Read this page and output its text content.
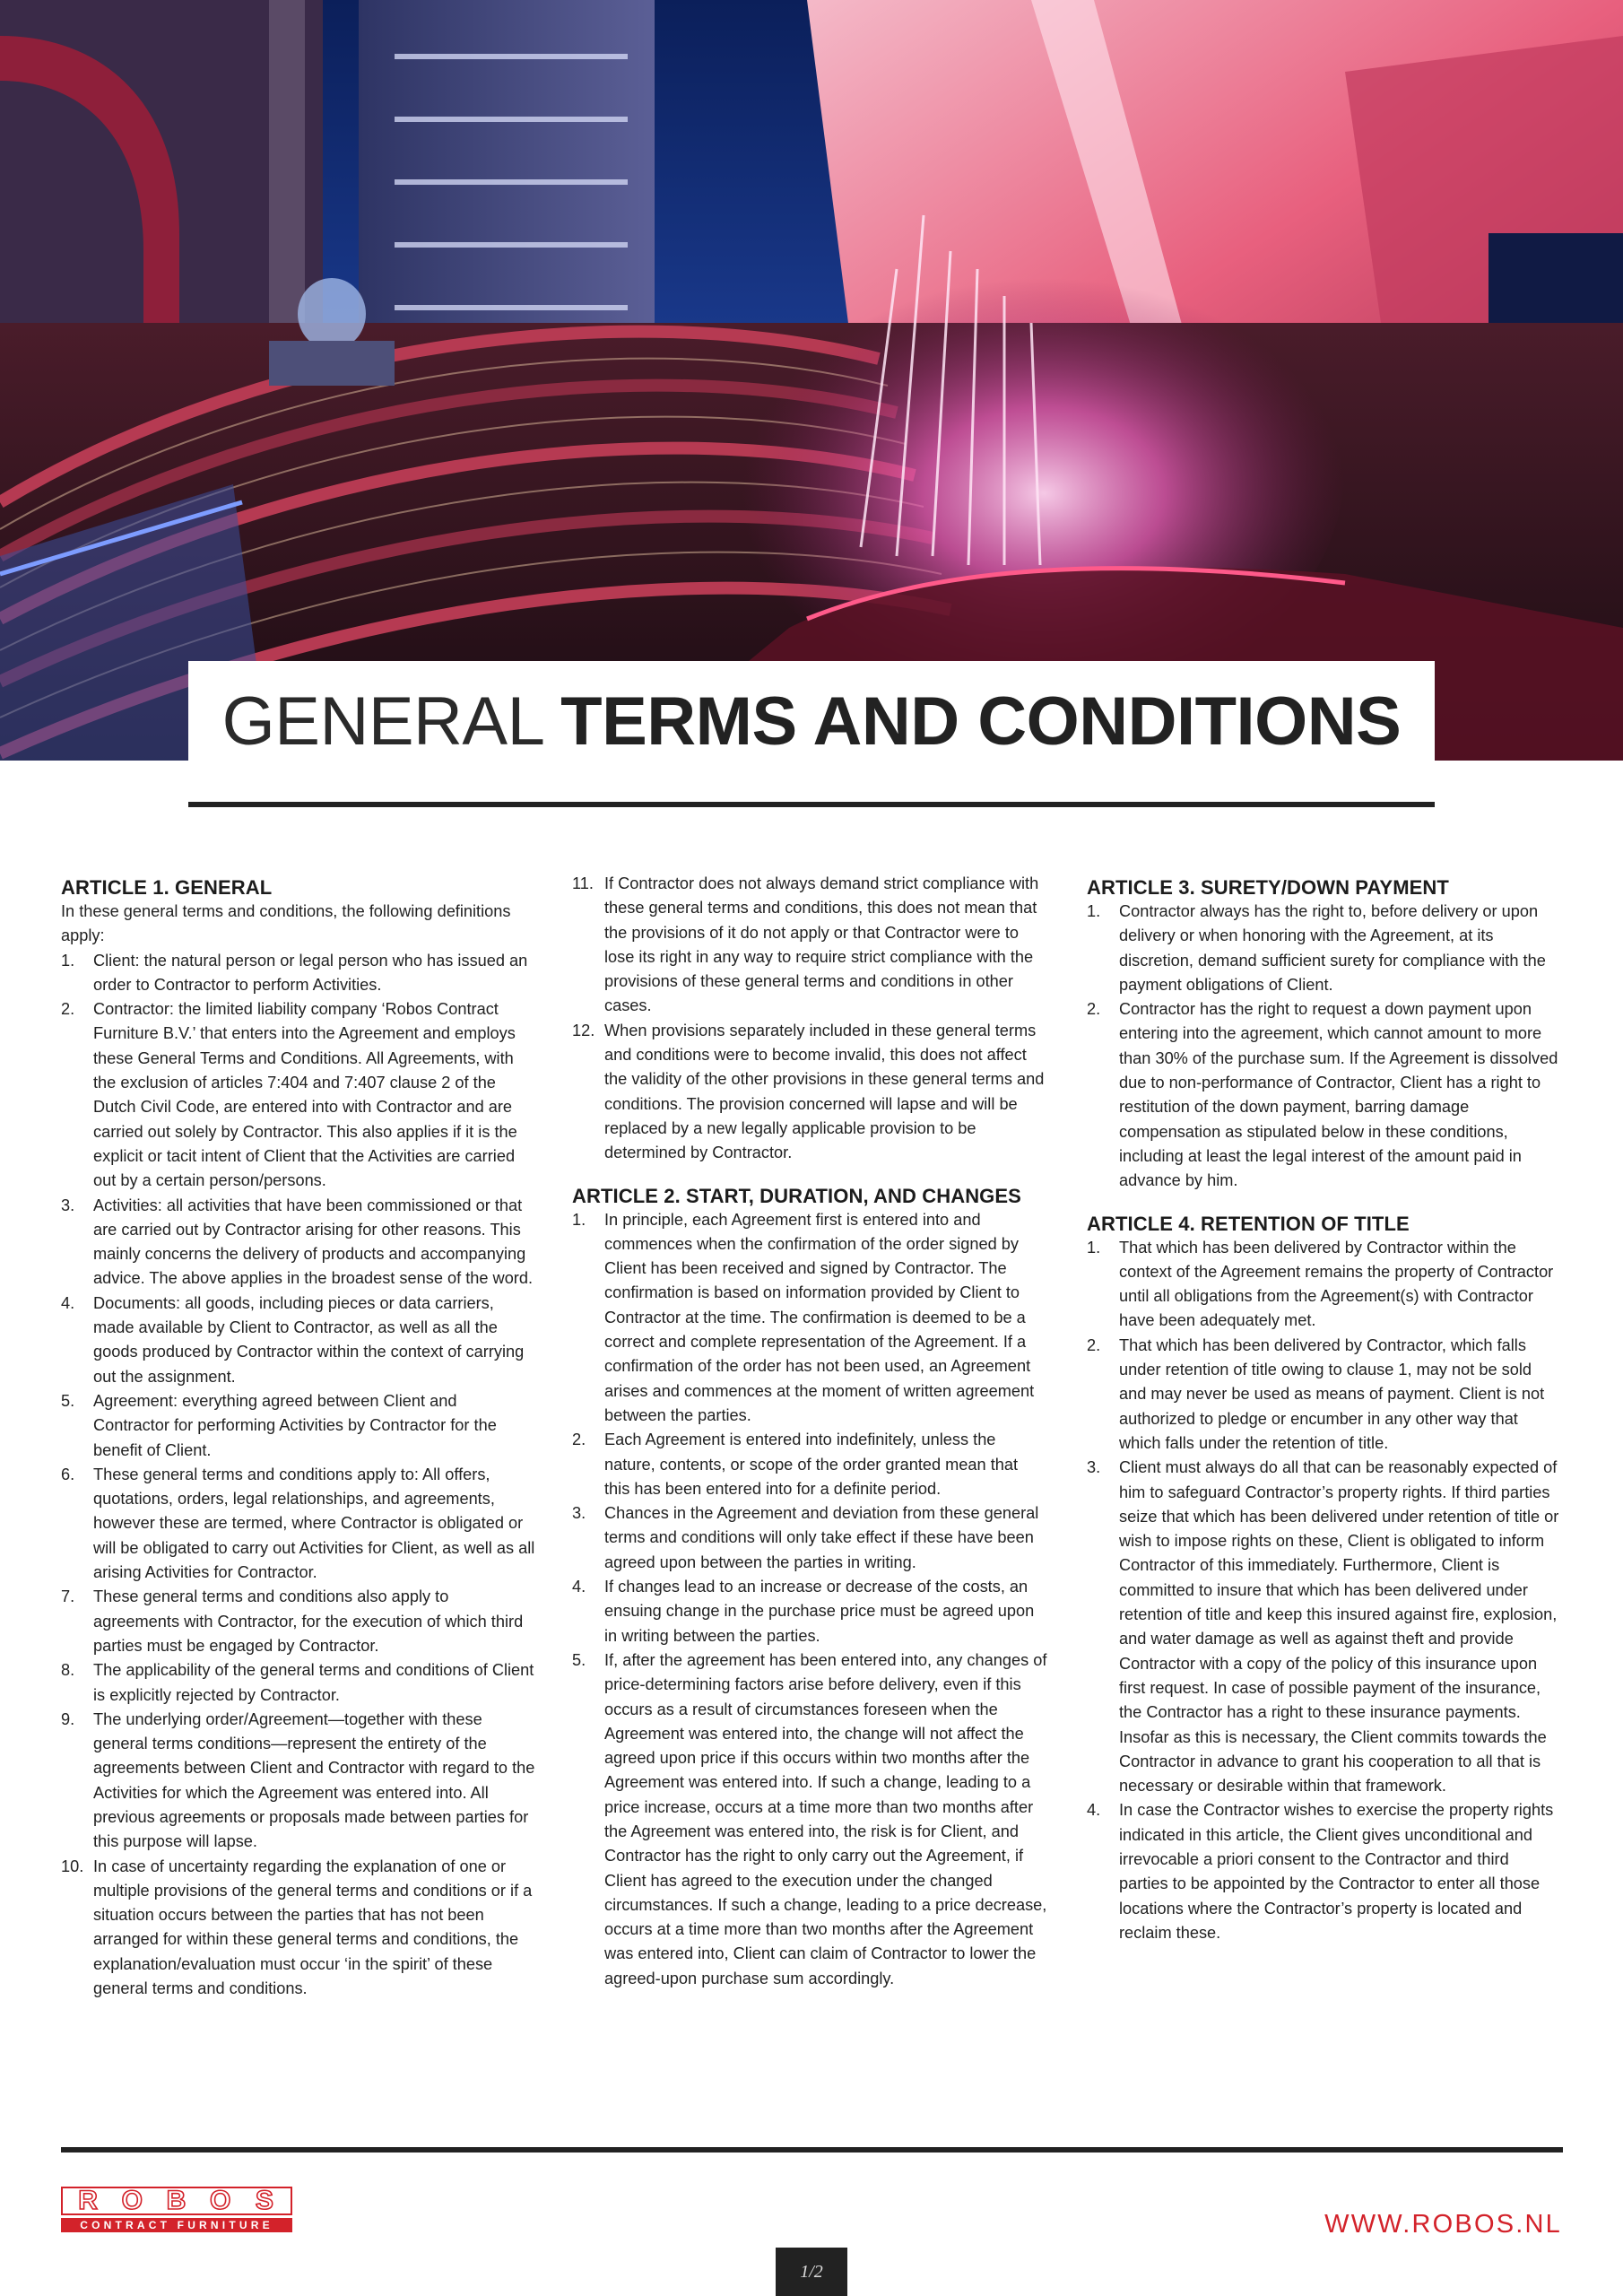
GENERAL TERMS AND CONDITIONS
ARTICLE 1. GENERAL
In these general terms and conditions, the following definitions apply:
1. Client: the natural person or legal person who has issued an order to Contractor to perform Activities.
2. Contractor: the limited liability company ‘Robos Contract Furniture B.V.’ that enters into the Agreement and employs these General Terms and Conditions. All Agreements, with the exclusion of articles 7:404 and 7:407 clause 2 of the Dutch Civil Code, are entered into with Contractor and are carried out solely by Contractor. This also applies if it is the explicit or tacit intent of Client that the Activities are carried out by a certain person/persons.
3. Activities: all activities that have been commissioned or that are carried out by Contractor arising for other reasons. This mainly concerns the delivery of products and accompanying advice. The above applies in the broadest sense of the word.
4. Documents: all goods, including pieces or data carriers, made available by Client to Contractor, as well as all the goods produced by Contractor within the context of carrying out the assignment.
5. Agreement: everything agreed between Client and Contractor for performing Activities by Contractor for the benefit of Client.
6. These general terms and conditions apply to: All offers, quotations, orders, legal relationships, and agreements, however these are termed, where Contractor is obligated or will be obligated to carry out Activities for Client, as well as all arising Activities for Contractor.
7. These general terms and conditions also apply to agreements with Contractor, for the execution of which third parties must be engaged by Contractor.
8. The applicability of the general terms and conditions of Client is explicitly rejected by Contractor.
9. The underlying order/Agreement—together with these general terms conditions—represent the entirety of the agreements between Client and Contractor with regard to the Activities for which the Agreement was entered into. All previous agreements or proposals made between parties for this purpose will lapse.
10. In case of uncertainty regarding the explanation of one or multiple provisions of the general terms and conditions or if a situation occurs between the parties that has not been arranged for within these general terms and conditions, the explanation/evaluation must occur ‘in the spirit’ of these general terms and conditions.
11. If Contractor does not always demand strict compliance with these general terms and conditions, this does not mean that the provisions of it do not apply or that Contractor were to lose its right in any way to require strict compliance with the provisions of these general terms and conditions in other cases.
12. When provisions separately included in these general terms and conditions were to become invalid, this does not affect the validity of the other provisions in these general terms and conditions. The provision concerned will lapse and will be replaced by a new legally applicable provision to be determined by Contractor.
ARTICLE 2. START, DURATION, AND CHANGES
1. In principle, each Agreement first is entered into and commences when the confirmation of the order signed by Client has been received and signed by Contractor. The confirmation is based on information provided by Client to Contractor at the time. The confirmation is deemed to be a correct and complete representation of the Agreement. If a confirmation of the order has not been used, an Agreement arises and commences at the moment of written agreement between the parties.
2. Each Agreement is entered into indefinitely, unless the nature, contents, or scope of the order granted mean that this has been entered into for a definite period.
3. Chances in the Agreement and deviation from these general terms and conditions will only take effect if these have been agreed upon between the parties in writing.
4. If changes lead to an increase or decrease of the costs, an ensuing change in the purchase price must be agreed upon in writing between the parties.
5. If, after the agreement has been entered into, any changes of price-determining factors arise before delivery, even if this occurs as a result of circumstances foreseen when the Agreement was entered into, the change will not affect the agreed upon price if this occurs within two months after the Agreement was entered into. If such a change, leading to a price increase, occurs at a time more than two months after the Agreement was entered into, the risk is for Client, and Contractor has the right to only carry out the Agreement, if Client has agreed to the execution under the changed circumstances. If such a change, leading to a price decrease, occurs at a time more than two months after the Agreement was entered into, Client can claim of Contractor to lower the agreed-upon purchase sum accordingly.
ARTICLE 3. SURETY/DOWN PAYMENT
1. Contractor always has the right to, before delivery or upon delivery or when honoring with the Agreement, at its discretion, demand sufficient surety for compliance with the payment obligations of Client.
2. Contractor has the right to request a down payment upon entering into the agreement, which cannot amount to more than 30% of the purchase sum. If the Agreement is dissolved due to non-performance of Contractor, Client has a right to restitution of the down payment, barring damage compensation as stipulated below in these conditions, including at least the legal interest of the amount paid in advance by him.
ARTICLE 4. RETENTION OF TITLE
1. That which has been delivered by Contractor within the context of the Agreement remains the property of Contractor until all obligations from the Agreement(s) with Contractor have been adequately met.
2. That which has been delivered by Contractor, which falls under retention of title owing to clause 1, may not be sold and may never be used as means of payment. Client is not authorized to pledge or encumber in any other way that which falls under the retention of title.
3. Client must always do all that can be reasonably expected of him to safeguard Contractor’s property rights. If third parties seize that which has been delivered under retention of title or wish to impose rights on these, Client is obligated to inform Contractor of this immediately. Furthermore, Client is committed to insure that which has been delivered under retention of title and keep this insured against fire, explosion, and water damage as well as against theft and provide Contractor with a copy of the policy of this insurance upon first request. In case of possible payment of the insurance, the Contractor has a right to these insurance payments. Insofar as this is necessary, the Client commits towards the Contractor in advance to grant his cooperation to all that is necessary or desirable within that framework.
4. In case the Contractor wishes to exercise the property rights indicated in this article, the Client gives unconditional and irrevocable a priori consent to the Contractor and third parties to be appointed by the Contractor to enter all those locations where the Contractor’s property is located and reclaim these.
R O B O S
CONTRACT FURNITURE	WWW.ROBOS.NL
1/2
